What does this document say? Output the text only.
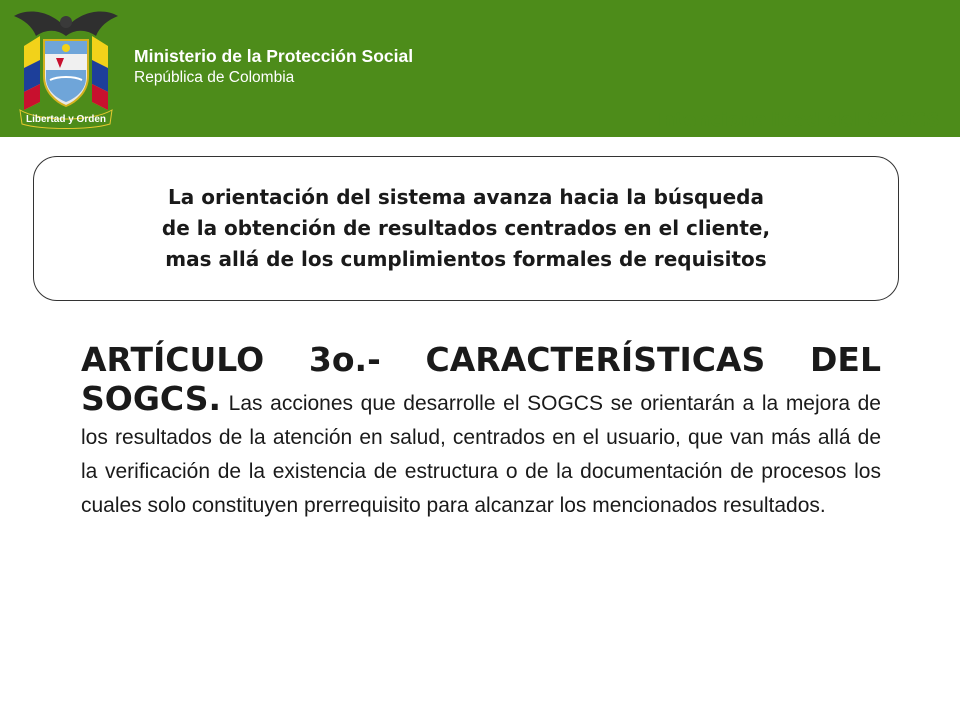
Libertad y Orden
Ministerio de la Protección Social
República de Colombia
Intencionalidad del SOGCS

La orientación del sistema avanza hacia la búsqueda
de la obtención de resultados centrados en el cliente,
mas allá de los cumplimientos formales de requisitos

ARTÍCULO 3o.- CARACTERÍSTICAS DEL SOGCS. Las acciones que desarrolle el SOGCS se orientarán a la mejora de los resultados de la atención en salud, centrados en el usuario, que van más allá de la verificación de la existencia de estructura o de la documentación de procesos los cuales solo constituyen prerrequisito para alcanzar los mencionados resultados.
